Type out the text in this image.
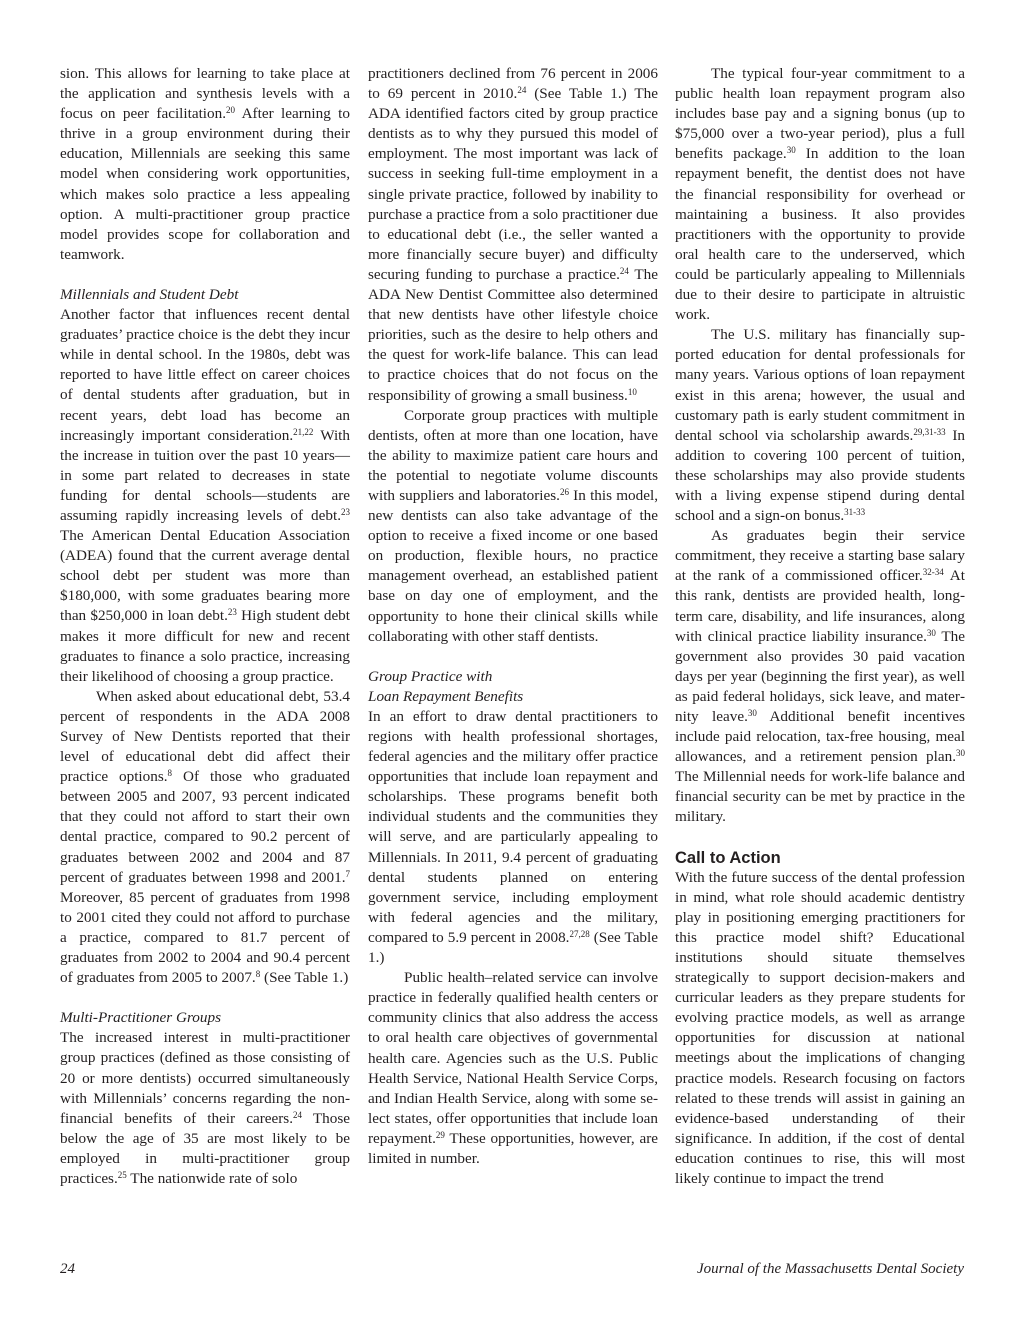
sion. This allows for learning to take place at the application and synthesis levels with a focus on peer facilitation.$^{20}$ After learning to thrive in a group environment during their education, Millennials are seeking this same model when considering work opportunities, which makes solo practice a less appealing option. A multi-practitioner group practice model provides scope for collaboration and teamwork.

Millennials and Student Debt

Another factor that influences recent dental graduates’ practice choice is the debt they incur while in dental school. In the 1980s, debt was reported to have little effect on career choices of dental students after graduation, but in recent years, debt load has become an increasingly important consideration.$^{21,22}$ With the increase in tuition over the past 10 years—in some part related to decreases in state funding for dental schools—students are assuming rapidly increasing levels of debt.$^{23}$ The American Dental Education Association (ADEA) found that the current average dental school debt per student was more than $180,000, with some graduates bearing more than $250,000 in loan debt.$^{23}$ High student debt makes it more difficult for new and recent graduates to finance a solo practice, increasing their likelihood of choosing a group practice.

When asked about educational debt, 53.4 percent of respondents in the ADA 2008 Survey of New Dentists reported that their level of educational debt did affect their practice options.$^8$ Of those who graduated between 2005 and 2007, 93 percent indicated that they could not afford to start their own dental practice, compared to 90.2 percent of graduates between 2002 and 2004 and 87 percent of graduates between 1998 and 2001.$^7$ Moreover, 85 percent of graduates from 1998 to 2001 cited they could not afford to purchase a practice, compared to 81.7 percent of graduates from 2002 to 2004 and 90.4 percent of graduates from 2005 to 2007.$^8$ (See Table 1.)

Multi-Practitioner Groups

The increased interest in multi-practitioner group practices (defined as those consisting of 20 or more dentists) occurred simultaneously with Millennials’ concerns regarding the non-financial benefits of their careers.$^{24}$ Those below the age of 35 are most likely to be employed in multi-practitioner group practices.$^{25}$ The nationwide rate of solo

practitioners declined from 76 percent in 2006 to 69 percent in 2010.24 (See Table 1.) The ADA identified factors cited by group practice dentists as to why they pursued this model of employment. The most important was lack of success in seeking full-time employment in a single private practice, followed by inability to purchase a practice from a solo practitioner due to educational debt (i.e., the seller wanted a more financially secure buyer) and difficulty securing funding to purchase a practice.$^{24}$ The ADA New Dentist Committee also determined that new dentists have other lifestyle choice priorities, such as the desire to help others and the quest for work-life balance. This can lead to practice choices that do not focus on the responsibility of growing a small business.$^{10}$

Corporate group practices with multiple dentists, often at more than one location, have the ability to maximize patient care hours and the potential to negotiate volume discounts with suppliers and laboratories.$^{26}$ In this model, new dentists can also take advantage of the option to receive a fixed income or one based on production, flexible hours, no practice management overhead, an established patient base on day one of employment, and the opportunity to hone their clinical skills while collaborating with other staff dentists.

Group Practice with
Loan Repayment Benefits

In an effort to draw dental practitioners to regions with health professional shortages, federal agencies and the military offer practice opportunities that include loan repayment and scholarships. These programs benefit both individual students and the communities they will serve, and are particularly appealing to Millennials. In 2011, 9.4 percent of graduating dental students planned on entering government service, including employment with federal agencies and the military, compared to 5.9 percent in 2008.$^{27,28}$ (See Table 1.)

Public health–related service can involve practice in federally qualified health centers or community clinics that also address the access to oral health care objectives of governmental health care. Agencies such as the U.S. Public Health Service, National Health Service Corps, and Indian Health Service, along with some select states, offer opportunities that include loan repayment.$^{29}$ These opportunities, however, are limited in number.

The typical four-year commitment to a public health loan repayment program also includes base pay and a signing bonus (up to $75,000 over a two-year period), plus a full benefits package.$^{30}$ In addition to the loan repayment benefit, the dentist does not have the financial responsibility for overhead or maintaining a business. It also provides practitioners with the opportunity to provide oral health care to the underserved, which could be particularly appealing to Millennials due to their desire to participate in altruistic work.

The U.S. military has financially supported education for dental professionals for many years. Various options of loan repayment exist in this arena; however, the usual and customary path is early student commitment in dental school via scholarship awards.$^{29,31-33}$ In addition to covering 100 percent of tuition, these scholarships may also provide students with a living expense stipend during dental school and a sign-on bonus.$^{31-33}$

As graduates begin their service commitment, they receive a starting base salary at the rank of a commissioned officer.$^{32-34}$ At this rank, dentists are provided health, long-term care, disability, and life insurances, along with clinical practice liability insurance.$^{30}$ The government also provides 30 paid vacation days per year (beginning the first year), as well as paid federal holidays, sick leave, and maternity leave.$^{30}$ Additional benefit incentives include paid relocation, tax-free housing, meal allowances, and a retirement pension plan.$^{30}$ The Millennial needs for work-life balance and financial security can be met by practice in the military.

Call to Action

With the future success of the dental profession in mind, what role should academic dentistry play in positioning emerging practitioners for this practice model shift? Educational institutions should situate themselves strategically to support decision-makers and curricular leaders as they prepare students for evolving practice models, as well as arrange opportunities for discussion at national meetings about the implications of changing practice models. Research focusing on factors related to these trends will assist in gaining an evidence-based understanding of their significance. In addition, if the cost of dental education continues to rise, this will most likely continue to impact the trend

24	Journal of the Massachusetts Dental Society
